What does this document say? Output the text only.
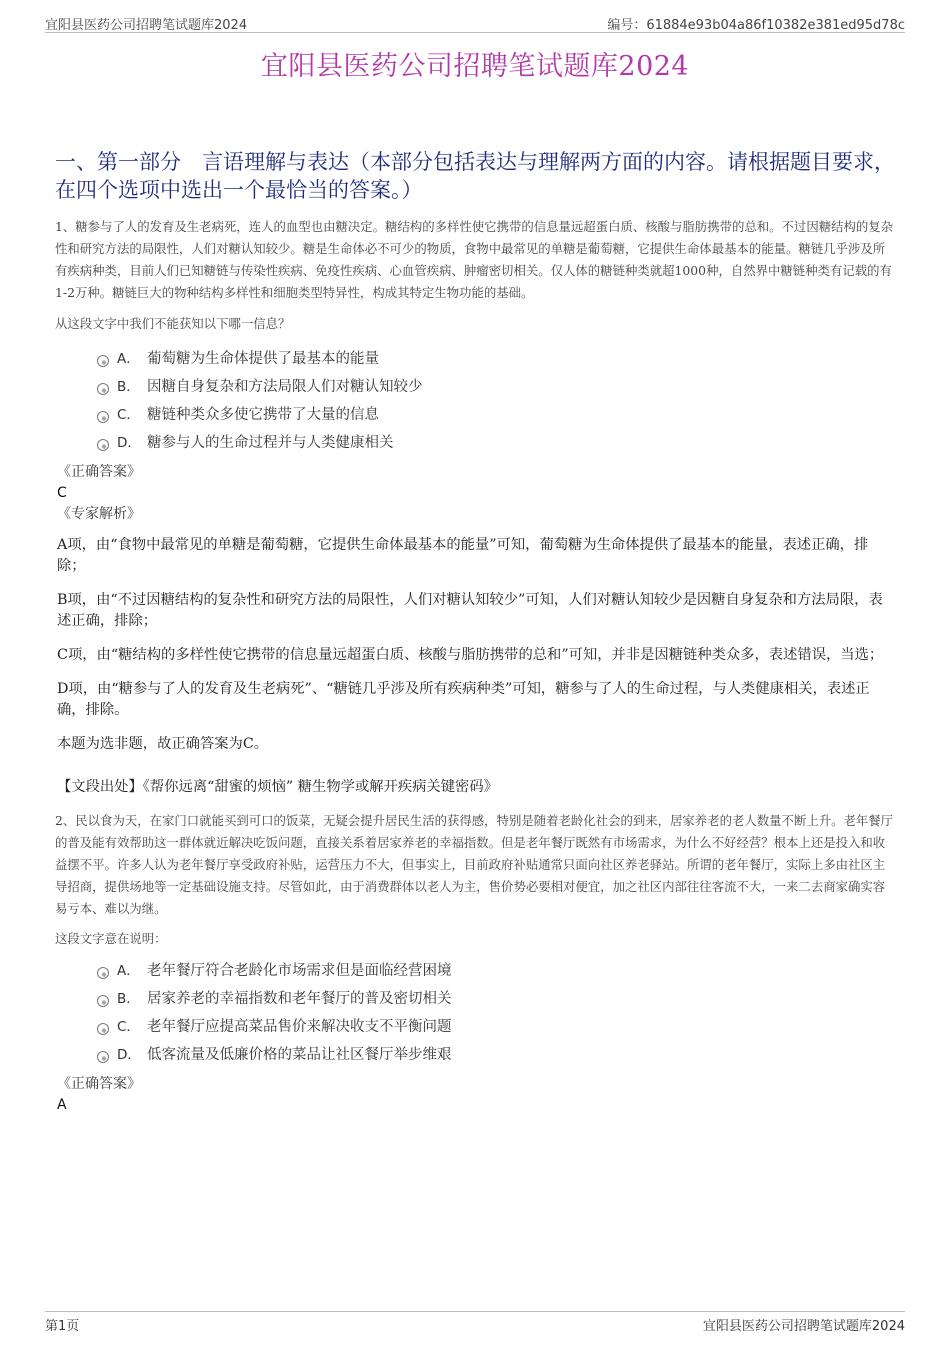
宜阳县医药公司招聘笔试题库2024	编号：61884e93b04a86f10382e381ed95d78c
宜阳县医药公司招聘笔试题库2024
一、第一部分　言语理解与表达（本部分包括表达与理解两方面的内容。请根据题目要求，在四个选项中选出一个最恰当的答案。）

1、糖参与了人的发育及生老病死，连人的血型也由糖决定。糖结构的多样性使它携带的信息量远超蛋白质、核酸与脂肪携带的总和。不过因糖结构的复杂性和研究方法的局限性，人们对糖认知较少。糖是生命体必不可少的物质，食物中最常见的单糖是葡萄糖，它提供生命体最基本的能量。糖链几乎涉及所有疾病种类，目前人们已知糖链与传染性疾病、免疫性疾病、心血管疾病、肿瘤密切相关。仅人体的糖链种类就超1000种，自然界中糖链种类有记载的有1-2万种。糖链巨大的物种结构多样性和细胞类型特异性，构成其特定生物功能的基础。

从这段文字中我们不能获知以下哪一信息？

A． 葡萄糖为生命体提供了最基本的能量
B． 因糖自身复杂和方法局限人们对糖认知较少
C． 糖链种类众多使它携带了大量的信息
D． 糖参与人的生命过程并与人类健康相关

《正确答案》

C

《专家解析》

A项，由“食物中最常见的单糖是葡萄糖，它提供生命体最基本的能量”可知，葡萄糖为生命体提供了最基本的能量，表述正确，排除；

B项，由“不过因糖结构的复杂性和研究方法的局限性，人们对糖认知较少”可知，人们对糖认知较少是因糖自身复杂和方法局限，表述正确，排除；

C项，由“糖结构的多样性使它携带的信息量远超蛋白质、核酸与脂肪携带的总和”可知，并非是因糖链种类众多，表述错误，当选；

D项，由“糖参与了人的发育及生老病死”、“糖链几乎涉及所有疾病种类”可知，糖参与了人的生命过程，与人类健康相关，表述正确，排除。

本题为选非题，故正确答案为C。

【文段出处】《帮你远离“甜蜜的烦恼” 糖生物学或解开疾病关键密码》

2、民以食为天，在家门口就能买到可口的饭菜，无疑会提升居民生活的获得感，特别是随着老龄化社会的到来，居家养老的老人数量不断上升。老年餐厅的普及能有效帮助这一群体就近解决吃饭问题，直接关系着居家养老的幸福指数。但是老年餐厅既然有市场需求，为什么不好经营？根本上还是投入和收益摆不平。许多人认为老年餐厅享受政府补贴，运营压力不大，但事实上，目前政府补贴通常只面向社区养老驿站。所谓的老年餐厅，实际上多由社区主导招商，提供场地等一定基础设施支持。尽管如此，由于消费群体以老人为主，售价势必要相对便宜，加之社区内部往往客流不大，一来二去商家确实容易亏本、难以为继。

这段文字意在说明：

A． 老年餐厅符合老龄化市场需求但是面临经营困境
B． 居家养老的幸福指数和老年餐厅的普及密切相关
C． 老年餐厅应提高菜品售价来解决收支不平衡问题
D． 低客流量及低廉价格的菜品让社区餐厅举步维艰

《正确答案》

A

第1页	宜阳县医药公司招聘笔试题库2024
